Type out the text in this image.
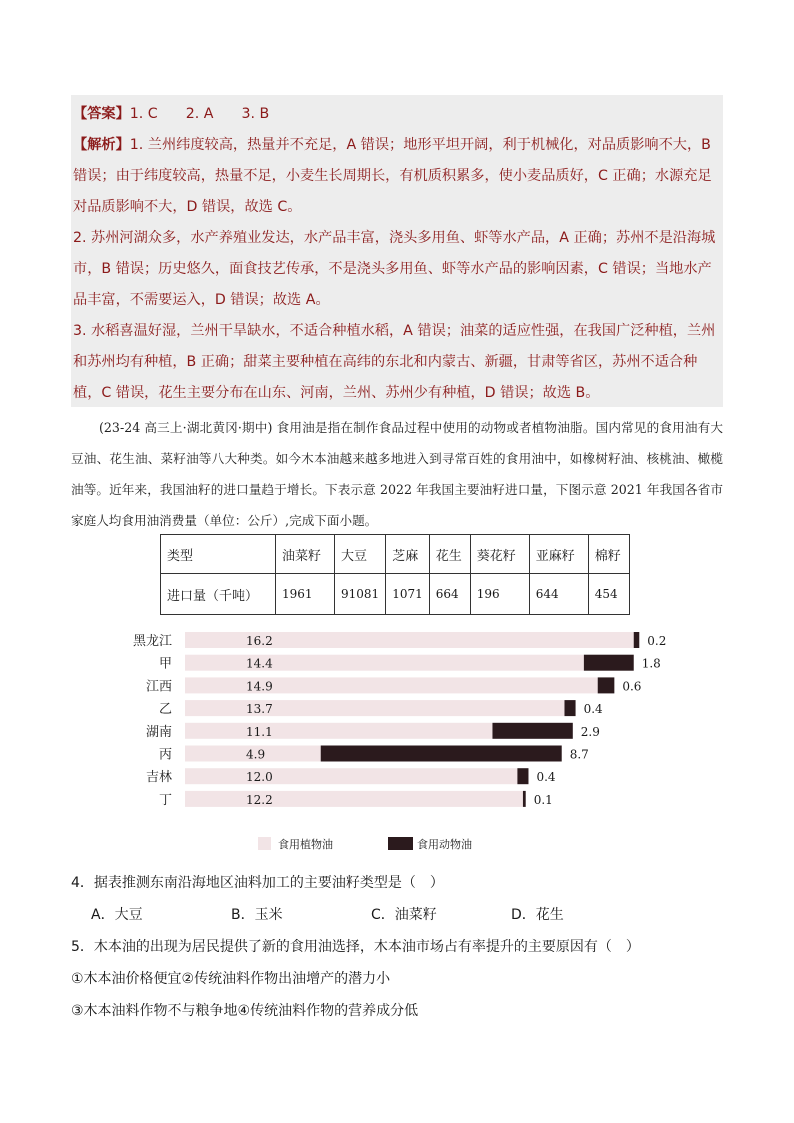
【答案】1. C 2. A 3. B

【解析】1. 兰州纬度较高，热量并不充足，A 错误；地形平坦开阔，利于机械化，对品质影响不大，B 错误；由于纬度较高，热量不足，小麦生长周期长，有机质积累多，使小麦品质好，C 正确；水源充足对品质影响不大，D 错误，故选 C。

2. 苏州河湖众多，水产养殖业发达，水产品丰富，浇头多用鱼、虾等水产品，A 正确；苏州不是沿海城市，B 错误；历史悠久，面食技艺传承，不是浇头多用鱼、虾等水产品的影响因素，C 错误；当地水产品丰富，不需要运入，D 错误；故选 A。

3. 水稻喜温好湿，兰州干旱缺水，不适合种植水稻，A 错误；油菜的适应性强，在我国广泛种植，兰州和苏州均有种植，B 正确；甜菜主要种植在高纬的东北和内蒙古、新疆，甘肃等省区，苏州不适合种植，C 错误，花生主要分布在山东、河南，兰州、苏州少有种植，D 错误；故选 B。

(23-24 高三上·湖北黄冈·期中) 食用油是指在制作食品过程中使用的动物或者植物油脂。国内常见的食用油有大豆油、花生油、菜籽油等八大种类。如今木本油越来越多地进入到寻常百姓的食用油中，如橡树籽油、核桃油、橄榄油等。近年来，我国油籽的进口量趋于增长。下表示意 2022 年我国主要油籽进口量，下图示意 2021 年我国各省市家庭人均食用油消费量（单位：公斤）,完成下面小题。

类型	油菜籽	大豆	芝麻	花生	葵花籽	亚麻籽	棉籽
进口量（千吨）	1961	91081	1071	664	196	644	454
黑龙江	16.2	0.2
甲	14.4	1.8
江西	14.9	0.6
乙	13.7	0.4
湖南	11.1	2.9
丙	4.9	8.7
吉林	12.0	0.4
丁	12.2	0.1
食用植物油	食用动物油
4．据表推测东南沿海地区油料加工的主要油籽类型是（　）
A．大豆	B．玉米	C．油菜籽	D．花生
5．木本油的出现为居民提供了新的食用油选择，木本油市场占有率提升的主要原因有（　）
①木本油价格便宜②传统油料作物出油增产的潜力小
③木本油料作物不与粮争地④传统油料作物的营养成分低
